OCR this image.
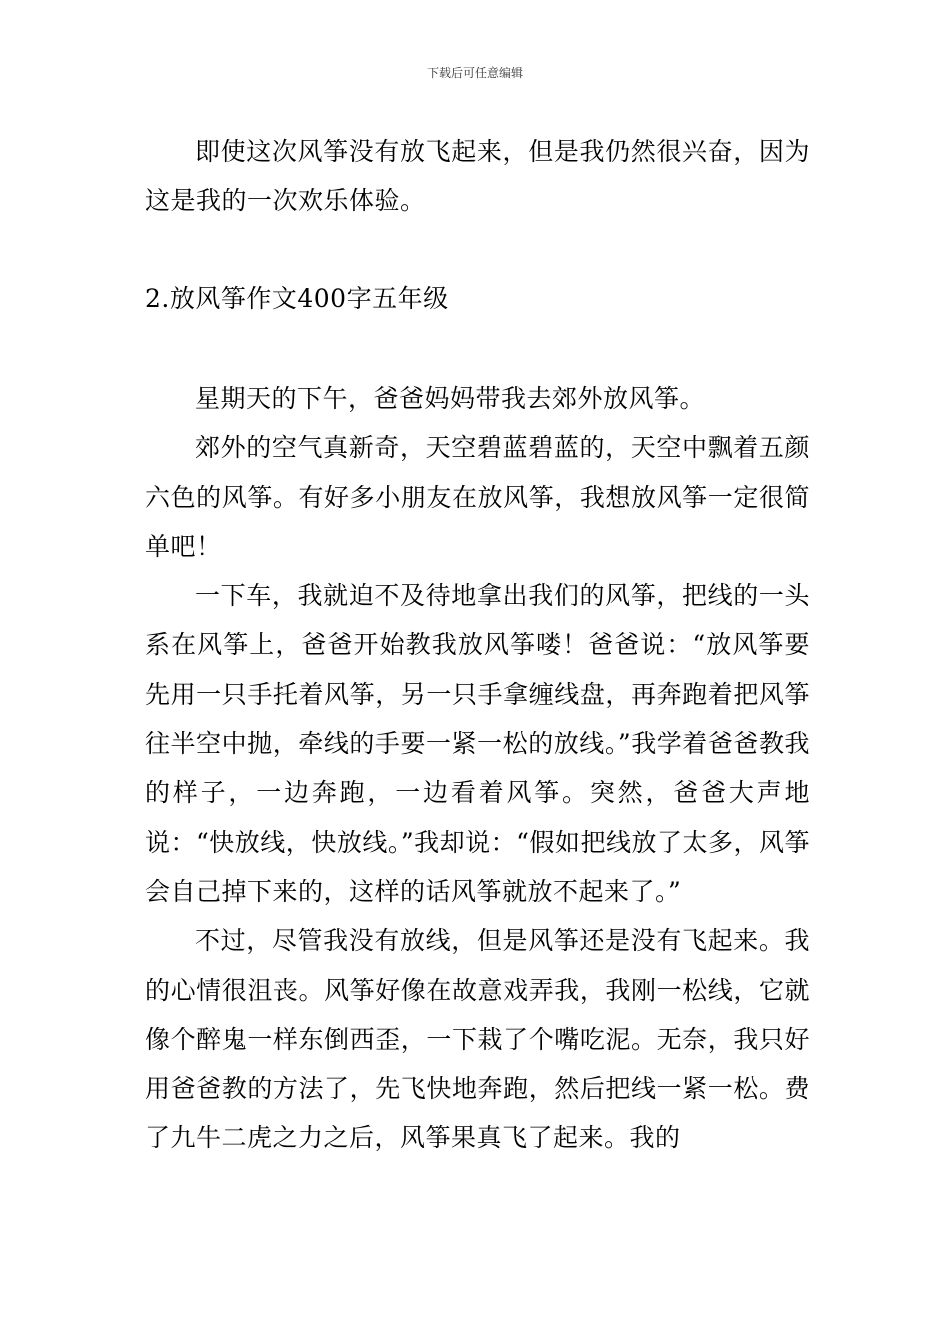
下载后可任意编辑

即使这次风筝没有放飞起来，但是我仍然很兴奋，因为这是我的一次欢乐体验。

2.放风筝作文400字五年级

星期天的下午，爸爸妈妈带我去郊外放风筝。

郊外的空气真新奇，天空碧蓝碧蓝的，天空中飘着五颜六色的风筝。有好多小朋友在放风筝，我想放风筝一定很简单吧！

一下车，我就迫不及待地拿出我们的风筝，把线的一头系在风筝上，爸爸开始教我放风筝喽！爸爸说：“放风筝要先用一只手托着风筝，另一只手拿缠线盘，再奔跑着把风筝往半空中抛，牵线的手要一紧一松的放线。”我学着爸爸教我的样子，一边奔跑，一边看着风筝。突然，爸爸大声地说：“快放线，快放线。”我却说：“假如把线放了太多，风筝会自己掉下来的，这样的话风筝就放不起来了。”

不过，尽管我没有放线，但是风筝还是没有飞起来。我的心情很沮丧。风筝好像在故意戏弄我，我刚一松线，它就像个醉鬼一样东倒西歪，一下栽了个嘴吃泥。无奈，我只好用爸爸教的方法了，先飞快地奔跑，然后把线一紧一松。费了九牛二虎之力之后，风筝果真飞了起来。我的
